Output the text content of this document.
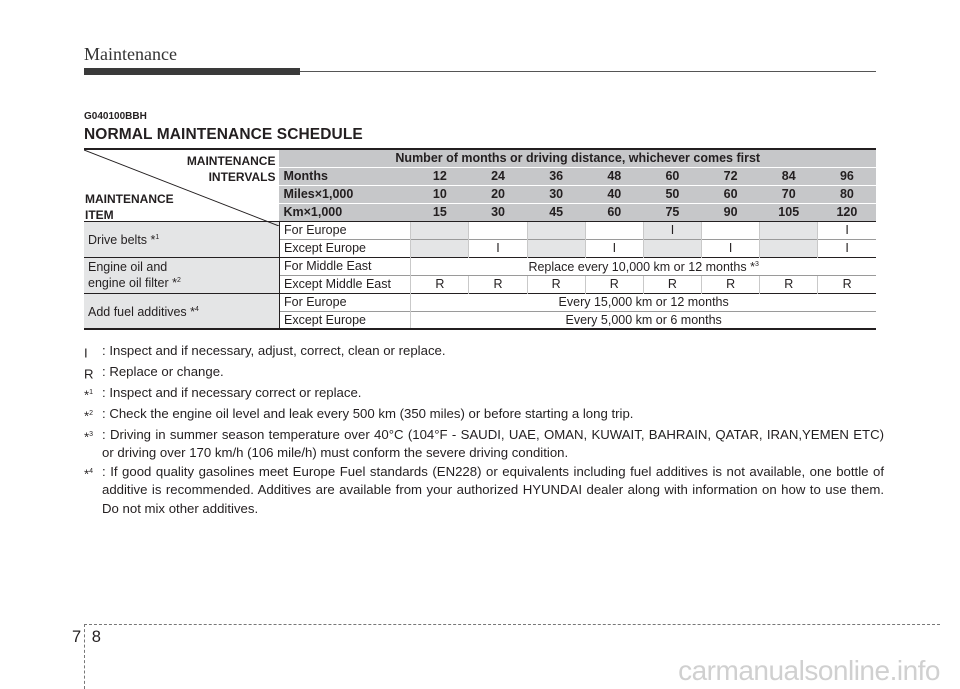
Maintenance
G040100BBH
NORMAL MAINTENANCE SCHEDULE
MAINTENANCE
INTERVALS
MAINTENANCE
ITEM	Number of months or driving distance, whichever comes first								
	Months	12	24	36	48	60	72	84	96
	Miles×1,000	10	20	30	40	50	60	70	80
	Km×1,000	15	30	45	60	75	90	105	120
Drive belts *$^1$	For Europe					I			I
	Except Europe		I		I		I		I

Engine oil and
engine oil filter *$^2$	For Middle East	Replace every 10,000 km or 12 months *$^3$
	Except Middle East	R	R	R	R	R	R	R	R
Add fuel additives *$^4$	For Europe	Every 15,000 km or 12 months							
	Except Europe	Every 5,000 km or 6 months							
I	: Inspect and if necessary, adjust, correct, clean or replace.
R : Replace or change.
*$^1$ : Inspect and if necessary correct or replace.
*$^2$ : Check the engine oil level and leak every 500 km (350 miles) or before starting a long trip.
*$^3$ : Driving in summer season temperature over 40°C (104°F - SAUDI, UAE, OMAN, KUWAIT, BAHRAIN, QATAR, IRAN,YEMEN ETC) or driving over 170 km/h (106 mile/h) must conform the severe driving condition.
*$^4$ : If good quality gasolines meet Europe Fuel standards (EN228) or equivalents including fuel additives is not available, one bottle of additive is recommended. Additives are available from your authorized HYUNDAI dealer along with information on how to use them. Do not mix other additives.
7 8
carmanualsonline.info
